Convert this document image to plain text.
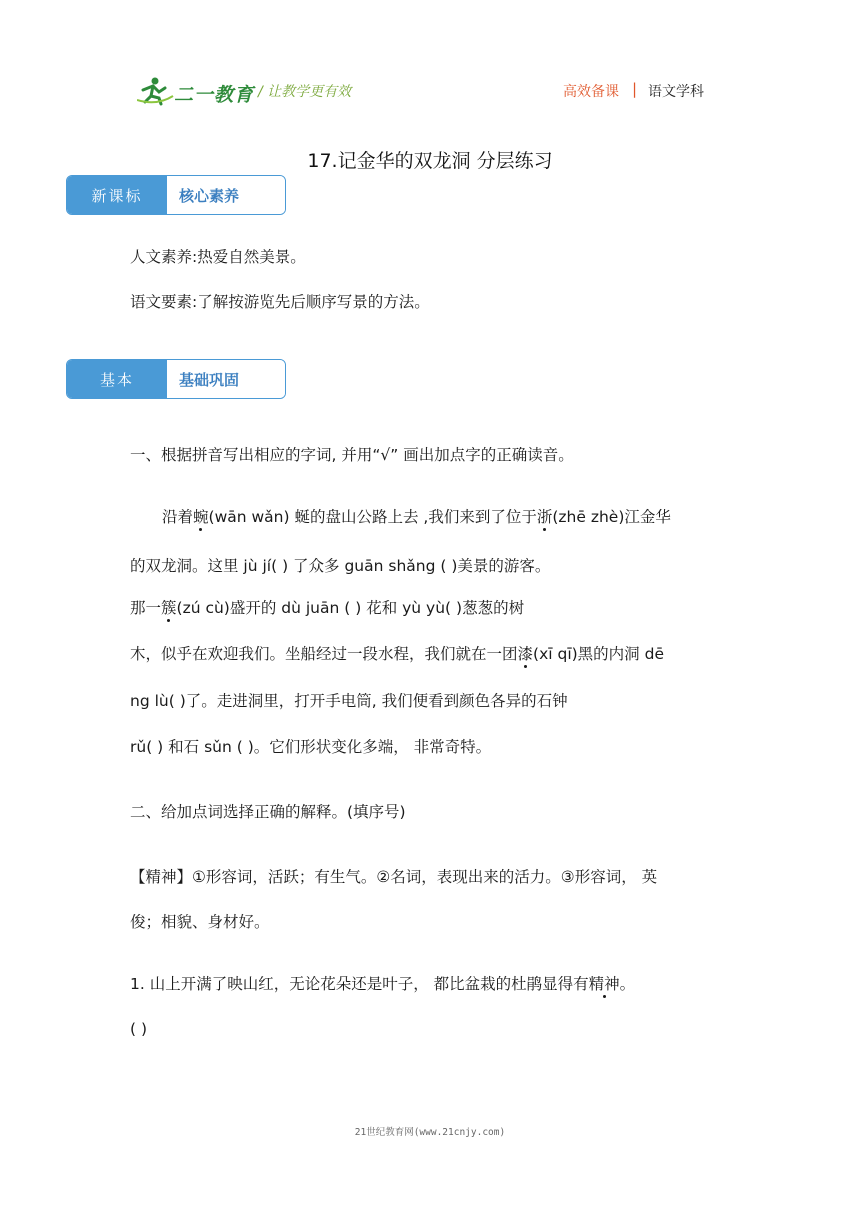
二一教育 / 让教学更有效	高效备课 | 语文学科
17.记金华的双龙洞 分层练习
新课标	核心素养
人文素养:热爱自然美景。
语文要素:了解按游览先后顺序写景的方法。
基本	基础巩固
一、根据拼音写出相应的字词, 并用“√” 画出加点字的正确读音。
沿着蜿(wān wǎn) 蜒的盘山公路上去 ,我们来到了位于浙(zhē zhè)江金华
的双龙洞。这里 jù jí( ) 了众多 guān shǎng ( )美景的游客。
那一簇(zú cù)盛开的 dù juān ( ) 花和 yù yù( )葱葱的树
木，似乎在欢迎我们。坐船经过一段水程，我们就在一团漆(xī qī)黑的内洞 dē
ng lù( )了。走进洞里，打开手电筒, 我们便看到颜色各异的石钟
rǔ( ) 和石 sǔn ( )。它们形状变化多端， 非常奇特。
二、给加点词选择正确的解释。(填序号)
【精神】①形容词，活跃；有生气。②名词，表现出来的活力。③形容词， 英
俊；相貌、身材好。
1. 山上开满了映山红，无论花朵还是叶子， 都比盆栽的杜鹃显得有精神。
( )
21世纪教育网(www.21cnjy.com)
